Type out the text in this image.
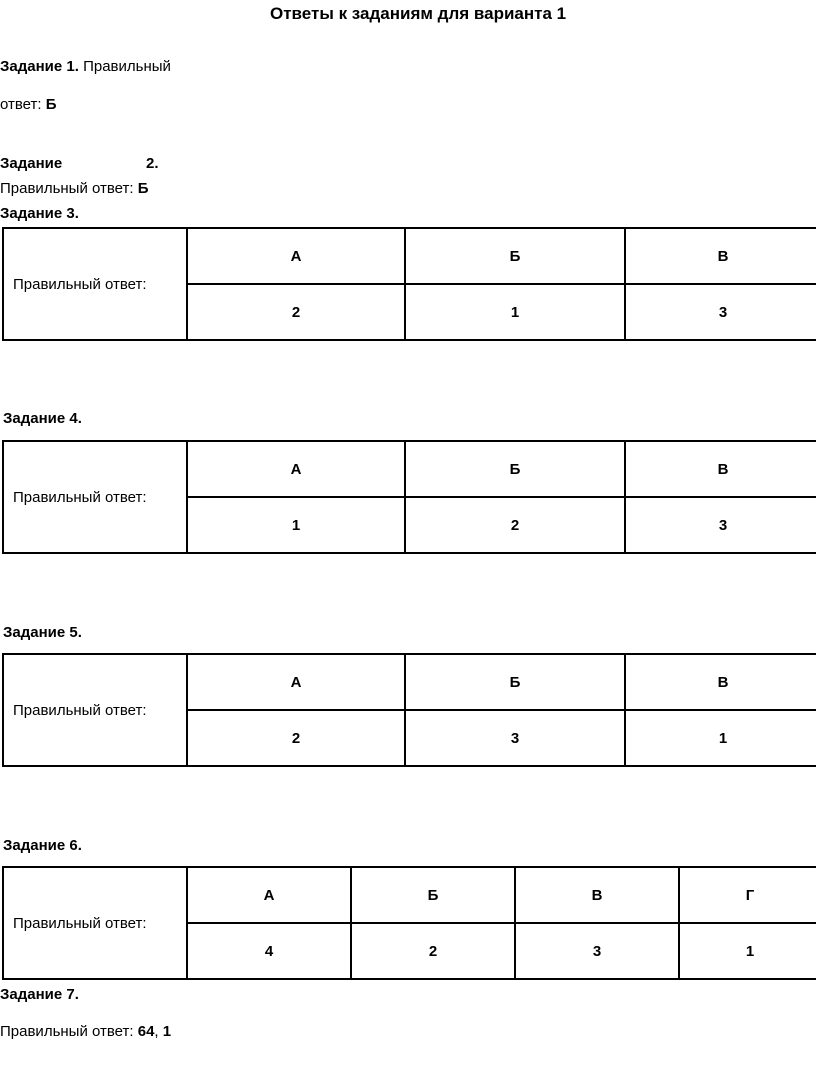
Ответы к заданиям для варианта 1
Задание 1. Правильный
ответ: Б
Задание	2.
Правильный ответ: Б
Задание 3.
Правильный ответ:	А	Б	В
	2	1	3
Задание 4.
Правильный ответ:	А	Б	В
	1	2	3
Задание 5.
Правильный ответ:	А	Б	В
	2	3	1
Задание 6.
Правильный ответ:	А	Б	В	Г
	4	2	3	1
Задание 7.
Правильный ответ: 64, 1
